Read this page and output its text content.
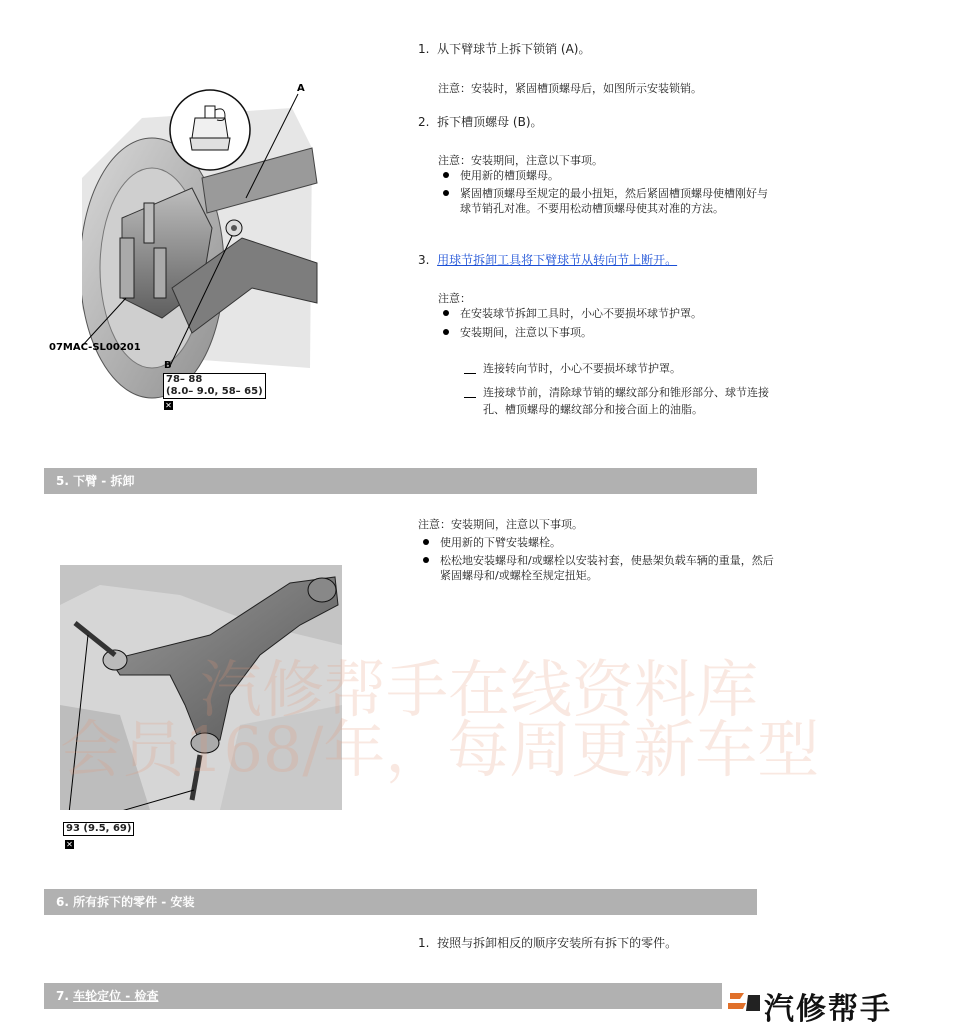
A
07MAC-SL00201
B
78– 88
(8.0– 9.0, 58– 65)
✕
1. 从下臂球节上拆下锁销 (A)。
注意：安装时，紧固槽顶螺母后，如图所示安装锁销。
2. 拆下槽顶螺母 (B)。
注意：安装期间，注意以下事项。
使用新的槽顶螺母。
紧固槽顶螺母至规定的最小扭矩，然后紧固槽顶螺母使槽刚好与球节销孔对准。不要用松动槽顶螺母使其对准的方法。
3. 用球节拆卸工具将下臂球节从转向节上断开。
注意：
在安装球节拆卸工具时，小心不要损坏球节护罩。
安装期间，注意以下事项。
连接转向节时，小心不要损坏球节护罩。
连接球节前，清除球节销的螺纹部分和锥形部分、球节连接孔、槽顶螺母的螺纹部分和接合面上的油脂。
5. 下臂 - 拆卸
注意：安装期间，注意以下事项。
使用新的下臂安装螺栓。
松松地安装螺母和/或螺栓以安装衬套，使悬架负载车辆的重量，然后紧固螺母和/或螺栓至规定扭矩。
93 (9.5, 69)
✕
汽修帮手在线资料库
会员168/年，每周更新车型
6. 所有拆下的零件 - 安装
1. 按照与拆卸相反的顺序安装所有拆下的零件。
7. 车轮定位 - 检查	汽修帮手
